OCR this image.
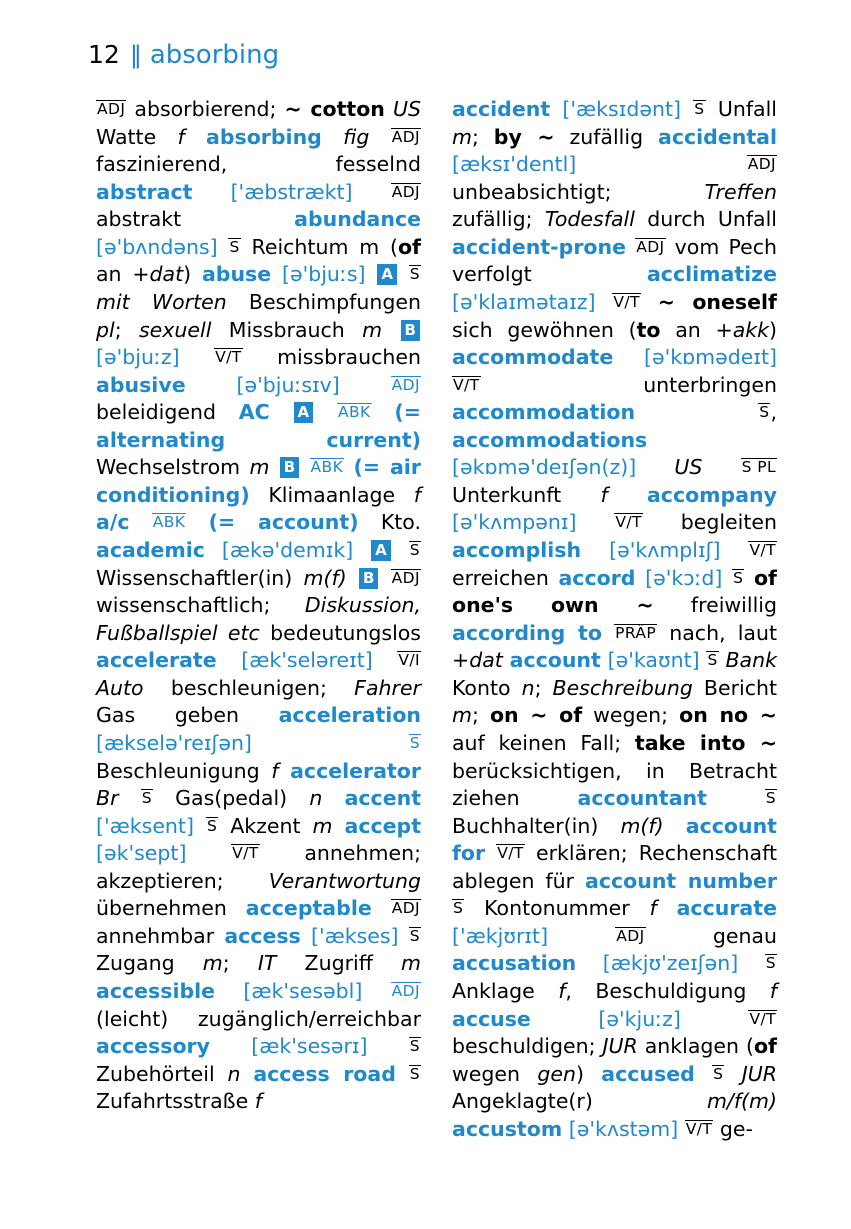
12 ‖ absorbing
ADJ absorbierend; ~ cotton US Watte f absorbing fig ADJ faszinierend, fesselnd abstract ['æbstrækt]	ADJ abstrakt abundance [ə'bʌndəns] S Reichtum m (of an +dat) abuse [ə'bjuːs] A S mit Worten Beschimpfungen pl; sexuell Missbrauch m B [ə'bjuːz] V/T missbrauchen abusive [ə'bjuːsɪv]	ADJ beleidigend AC A ABK (= alternating current) Wechselstrom m B ABK (= air conditioning) Klimaanlage f a/c ABK (= account) Kto. academic [ækə'demɪk] A S Wissenschaftler(in) m(f) B ADJ wissenschaftlich; Diskussion, Fußballspiel etc bedeutungslos accelerate [æk'seləreɪt] V/I Auto beschleunigen; Fahrer Gas geben acceleration [ækselə'reɪʃən]	S Beschleunigung f accelerator Br S Gas(pedal) n accent ['æksent] S Akzent m accept [ək'sept]	V/T annehmen; akzeptieren; Verantwortung übernehmen acceptable ADJ annehmbar access ['ækses] S Zugang m; IT Zugriff m accessible [æk'sesəbl] ADJ (leicht) zugänglich/erreichbar accessory [æk'sesərɪ]	S Zubehörteil n access road S Zufahrtsstraße f
accident ['æksɪdənt] S Unfall m; by ~ zufällig accidental [æksɪ'dentl]	ADJ unbeabsichtigt; Treffen zufällig; Todesfall durch Unfall accident-prone ADJ vom Pech verfolgt acclimatize [ə'klaɪmətaɪz] V/T ~ oneself sich gewöhnen (to an +akk) accommodate [ə'kɒmədeɪt] V/T unterbringen accommodation	S, accommodations [əkɒmə'deɪʃən(z)] US	S PL Unterkunft f accompany [ə'kʌmpənɪ]	V/T begleiten accomplish [ə'kʌmplɪʃ] V/T erreichen accord [ə'kɔːd] S of one's own ~ freiwillig according to PRÄP nach, laut +dat account [ə'kaʊnt] S Bank Konto n; Beschreibung Bericht m; on ~ of wegen; on no ~ auf keinen Fall; take into ~ berücksichtigen, in Betracht ziehen accountant	S Buchhalter(in) m(f) account for V/T erklären; Rechenschaft ablegen für account number S Kontonummer f accurate ['ækjʊrɪt]	ADJ genau accusation [ækjʊ'zeɪʃən] S Anklage f, Beschuldigung f accuse	[ə'kjuːz]	V/T beschuldigen; JUR anklagen (of wegen gen) accused S JUR Angeklagte(r) m/f(m) accustom [ə'kʌstəm] V/T ge-
